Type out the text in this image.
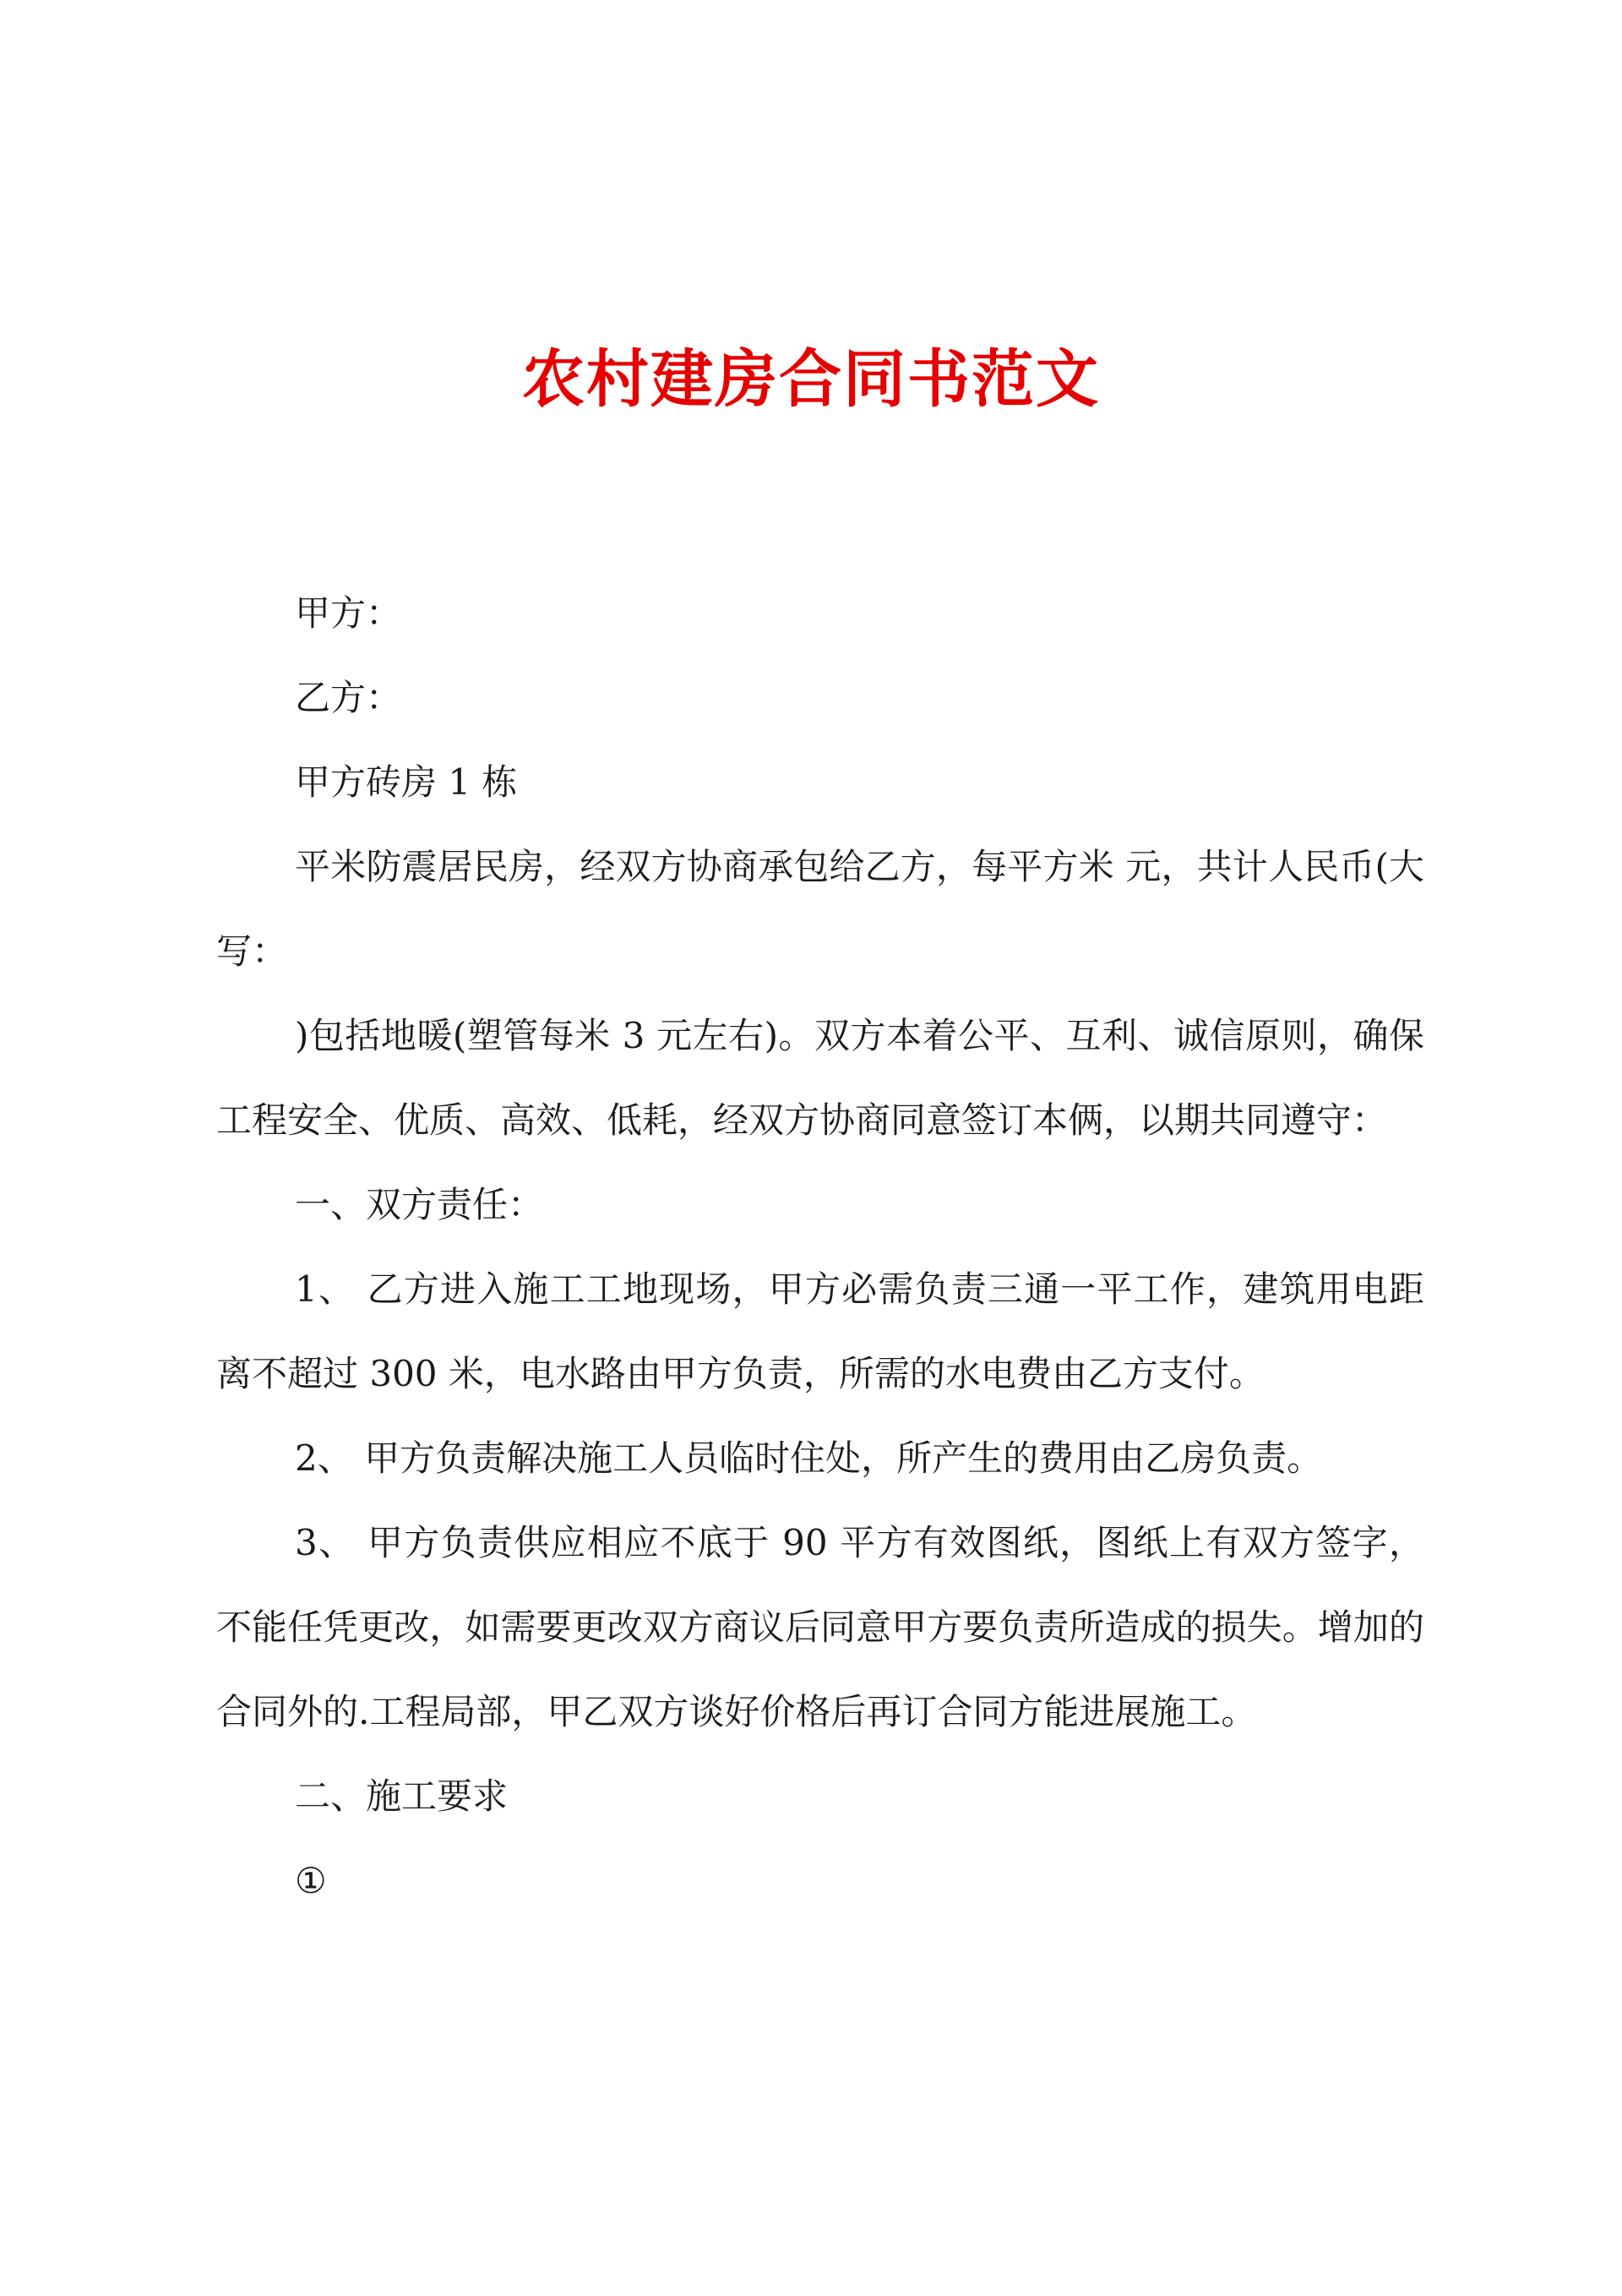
农村建房合同书范文

甲方：

乙方：

甲方砖房 1 栋

平米防震居民房，经双方协商承包给乙方，每平方米 元，共计人民币(大写：

)包括地暖(塑管每米 3 元左右)。双方本着公平、互利、诚信原则，确保工程安全、优质、高效、低耗，经双方协商同意签订本俩，以期共同遵守：

一、双方责任：

1、 乙方进入施工工地现场，甲方必需负责三通一平工作，建筑用电距离不超过 300 米，电水路由甲方负责，所需的水电费由乙方支付。

2、 甲方负责解决施工人员临时住处，所产生的费用由乙房负责。

3、 甲方负责供应相应不底于 90 平方有效图纸，图纸上有双方签字，不能任凭更改，如需要更改双方商议后同意甲方要负责所造成的损失。增加的合同外的.工程局部，甲乙双方谈好价格后再订合同方能进展施工。

二、施工要求

①
